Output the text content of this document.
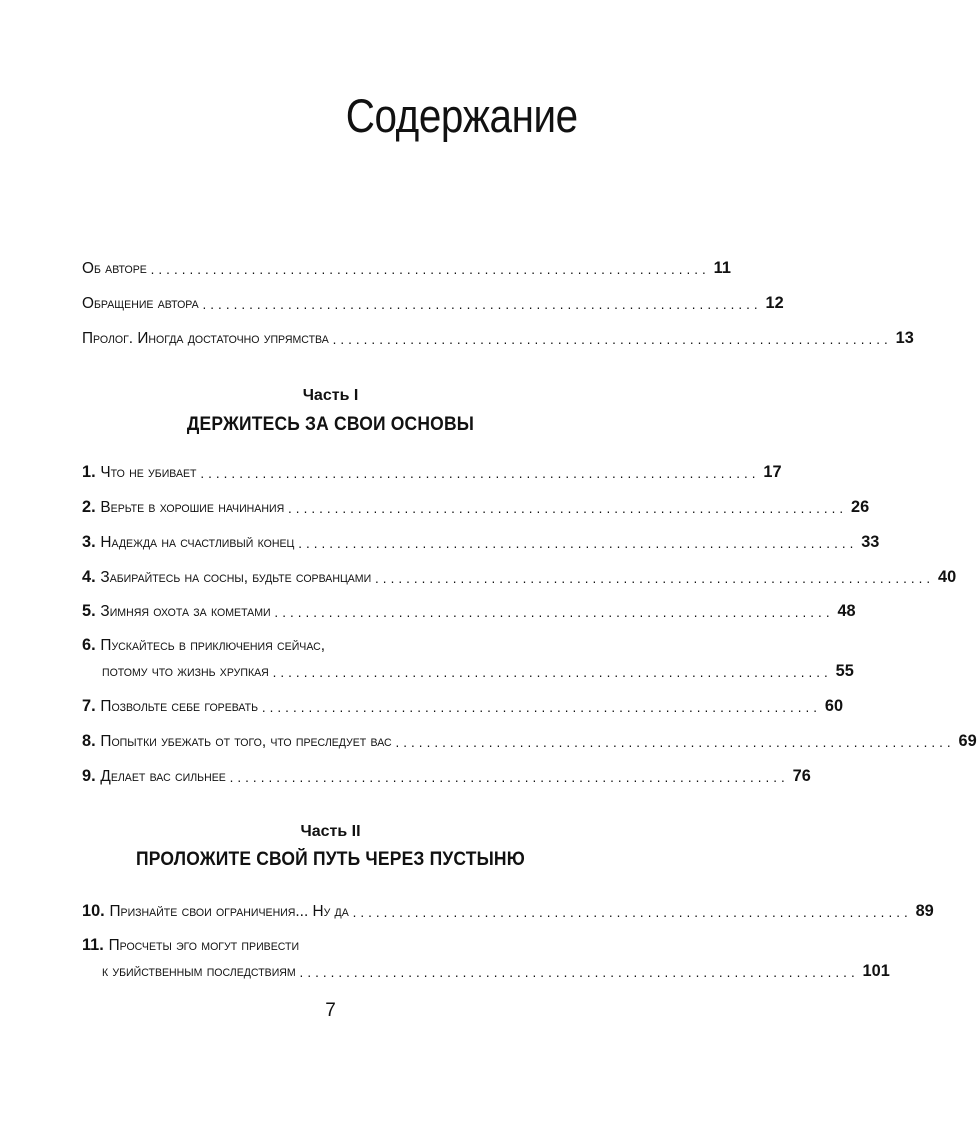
Содержание
Об авторе ........................................................................ 11
Обращение автора ........................................................................ 12
Пролог. Иногда достаточно упрямства ........................................................................ 13
Часть I
ДЕРЖИТЕСЬ ЗА СВОИ ОСНОВЫ
1. Что не убивает ........................................................................ 17
2. Верьте в хорошие начинания ........................................................................ 26
3. Надежда на счастливый конец ........................................................................ 33
4. Забирайтесь на сосны, будьте сорванцами ........................................................................ 40
5. Зимняя охота за кометами ........................................................................ 48
6. Пускайтесь в приключения сейчас,
потому что жизнь хрупкая ........................................................................ 55
7. Позвольте себе горевать ........................................................................ 60
8. Попытки убежать от того, что преследует вас ........................................................................ 69
9. Делает вас сильнее ........................................................................ 76
Часть II
ПРОЛОЖИТЕ СВОЙ ПУТЬ ЧЕРЕЗ ПУСТЫНЮ
10. Признайте свои ограничения... Ну да ........................................................................ 89
11. Просчеты эго могут привести
к убийственным последствиям ........................................................................ 101
7
